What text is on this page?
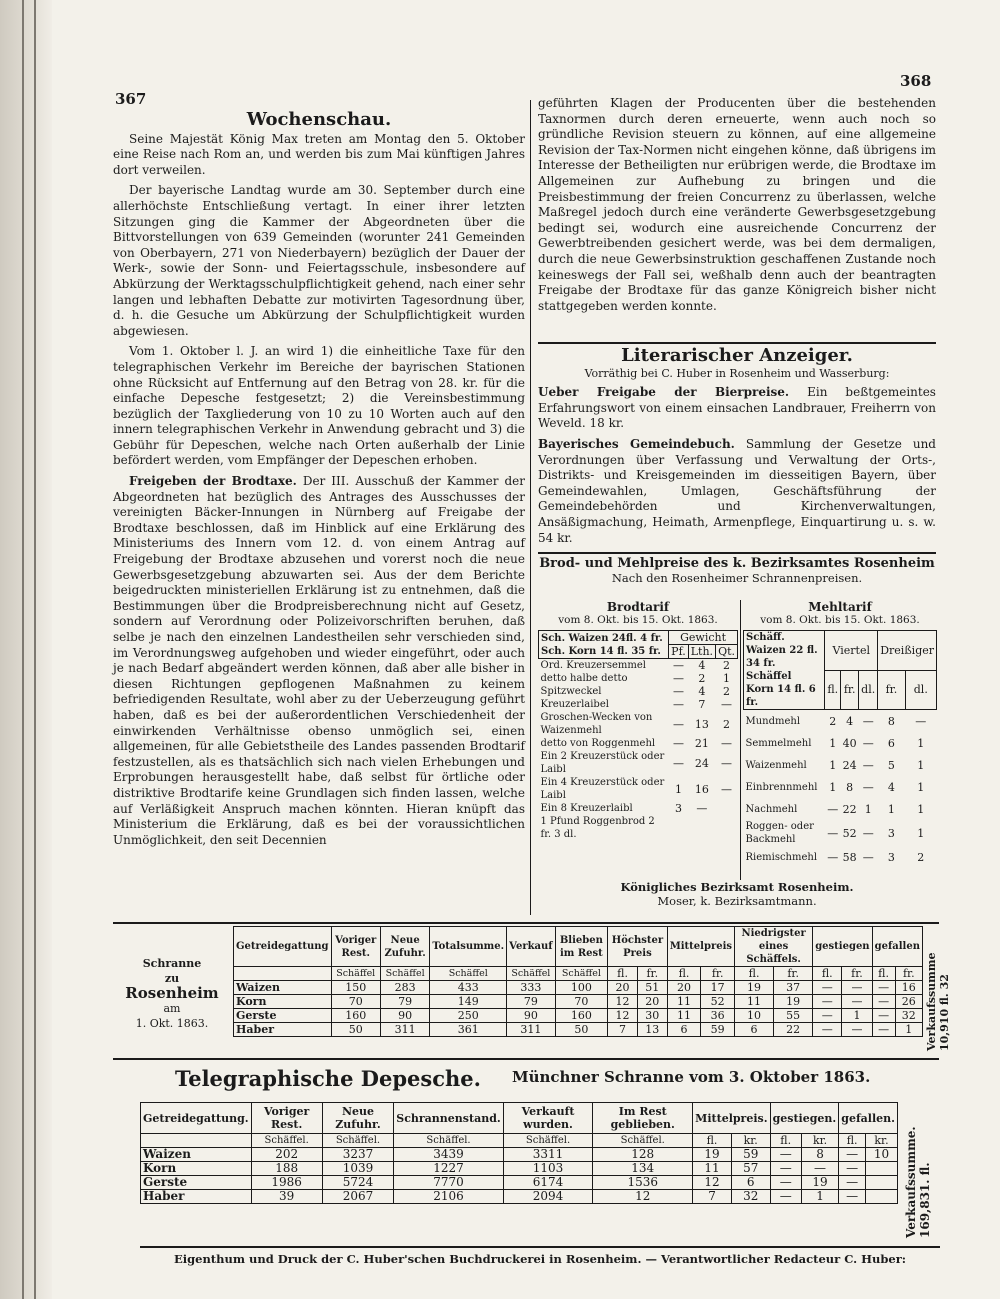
367
368
Wochenschau.

Seine Majestät König Max treten am Montag den 5. Oktober eine Reise nach Rom an, und werden bis zum Mai künftigen Jahres dort verweilen.

Der bayerische Landtag wurde am 30. September durch eine allerhöchste Entschließung vertagt. In einer ihrer letzten Sitzungen ging die Kammer der Abgeordneten über die Bittvorstellungen von 639 Gemeinden (worunter 241 Gemeinden von Oberbayern, 271 von Niederbayern) bezüglich der Dauer der Werk-, sowie der Sonn- und Feiertagsschule, insbesondere auf Abkürzung der Werktagsschulpflichtigkeit gehend, nach einer sehr langen und lebhaften Debatte zur motivirten Tagesordnung über, d. h. die Gesuche um Abkürzung der Schulpflichtigkeit wurden abgewiesen.

Vom 1. Oktober l. J. an wird 1) die einheitliche Taxe für den telegraphischen Verkehr im Bereiche der bayrischen Stationen ohne Rücksicht auf Entfernung auf den Betrag von 28. kr. für die einfache Depesche festgesetzt; 2) die Vereinsbestimmung bezüglich der Taxgliederung von 10 zu 10 Worten auch auf den innern telegraphischen Verkehr in Anwendung gebracht und 3) die Gebühr für Depeschen, welche nach Orten außerhalb der Linie befördert werden, vom Empfänger der Depeschen erhoben.

Freigeben der Brodtaxe. Der III. Ausschuß der Kammer der Abgeordneten hat bezüglich des Antrages des Ausschusses der vereinigten Bäcker-Innungen in Nürnberg auf Freigabe der Brodtaxe beschlossen, daß im Hinblick auf eine Erklärung des Ministeriums des Innern vom 12. d. von einem Antrag auf Freigebung der Brodtaxe abzusehen und vorerst noch die neue Gewerbsgesetzgebung abzuwarten sei. Aus der dem Berichte beigedruckten ministeriellen Erklärung ist zu entnehmen, daß die Bestimmungen über die Brodpreisberechnung nicht auf Gesetz, sondern auf Verordnung oder Polizeivorschriften beruhen, daß selbe je nach den einzelnen Landestheilen sehr verschieden sind, im Verordnungsweg aufgehoben und wieder eingeführt, oder auch je nach Bedarf abgeändert werden können, daß aber alle bisher in diesen Richtungen gepflogenen Maßnahmen zu keinem befriedigenden Resultate, wohl aber zu der Ueberzeugung geführt haben, daß es bei der außerordentlichen Verschiedenheit der einwirkenden Verhältnisse obenso unmöglich sei, einen allgemeinen, für alle Gebietstheile des Landes passenden Brodtarif festzustellen, als es thatsächlich sich nach vielen Erhebungen und Erprobungen herausgestellt habe, daß selbst für örtliche oder distriktive Brodtarife keine Grundlagen sich finden lassen, welche auf Verläßigkeit Anspruch machen könnten. Hieran knüpft das Ministerium die Erklärung, daß es bei der voraussichtlichen Unmöglichkeit, den seit Decennien

geführten Klagen der Producenten über die bestehenden Taxnormen durch deren erneuerte, wenn auch noch so gründliche Revision steuern zu können, auf eine allgemeine Revision der Tax-Normen nicht eingehen könne, daß übrigens im Interesse der Betheiligten nur erübrigen werde, die Brodtaxe im Allgemeinen zur Aufhebung zu bringen und die Preisbestimmung der freien Concurrenz zu überlassen, welche Maßregel jedoch durch eine veränderte Gewerbsgesetzgebung bedingt sei, wodurch eine ausreichende Concurrenz der Gewerbtreibenden gesichert werde, was bei dem dermaligen, durch die neue Gewerbsinstruktion geschaffenen Zustande noch keineswegs der Fall sei, weßhalb denn auch der beantragten Freigabe der Brodtaxe für das ganze Königreich bisher nicht stattgegeben werden konnte.

Literarischer Anzeiger.
Vorräthig bei C. Huber in Rosenheim und Wasserburg:

Ueber Freigabe der Bierpreise. Ein beßtgemeintes Erfahrungswort von einem einsachen Landbrauer, Freiherrn von Weveld. 18 kr.

Bayerisches Gemeindebuch. Sammlung der Gesetze und Verordnungen über Verfassung und Verwaltung der Orts-, Distrikts- und Kreisgemeinden im diesseitigen Bayern, über Gemeindewahlen, Umlagen, Geschäftsführung der Gemeindebehörden und Kirchenverwaltungen, Ansäßigmachung, Heimath, Armenpflege, Einquartirung u. s. w. 54 kr.

Brod- und Mehlpreise des k. Bezirksamtes Rosenheim
Nach den Rosenheimer Schrannenpreisen.
Brodtarif
vom 8. Okt. bis 15. Okt. 1863.
Sch. Waizen 24fl. 4 fr. Sch. Korn 14 fl. 35 fr.	Gewicht		
	Pf.	Lth.	Qt.
Ord. Kreuzersemmel	—	4	2
detto halbe detto	—	2	1
Spitzweckel	—	4	2
Kreuzerlaibel	—	7	—
Groschen-Wecken von Waizenmehl	—	13	2
detto von Roggenmehl	—	21	—
Ein 2 Kreuzerstück oder Laibl	—	24	—
Ein 4 Kreuzerstück oder Laibl	1	16	—
Ein 8 Kreuzerlaibl	3	—	
1 Pfund Roggenbrod 2 fr. 3 dl.			
Mehltarif
vom 8. Okt. bis 15. Okt. 1863.
Schäff. Waizen 22 fl. 34 fr. Schäffel Korn 14 fl. 6 fr.	Viertel			Dreißiger	
	fl.	fr.	dl.	fr.	dl.
Mundmehl	2	4	—	8	—
Semmelmehl	1	40	—	6	1
Waizenmehl	1	24	—	5	1
Einbrennmehl	1	8	—	4	1
Nachmehl	—	22	1	1	1
Roggen- oder Backmehl	—	52	—	3	1
Riemischmehl	—	58	—	3	2
Königliches Bezirksamt Rosenheim.
Moser, k. Bezirksamtmann.
Schranne
zu
Rosenheim
am
1. Okt. 1863.
Getreidegattung	Voriger Rest.	Neue Zufuhr.	Totalsumme.	Verkauf	Blieben im Rest	Höchster Preis		Mittelpreis		Niedrigster eines Schäffels.		gestiegen		gefallen	
	Schäffel	Schäffel	Schäffel	Schäffel	Schäffel	fl.	fr.	fl.	fr.	fl.	fr.	fl.	fr.	fl.	fr.
Waizen	150	283	433	333	100	20	51	20	17	19	37	—	—	—	16
Korn	70	79	149	79	70	12	20	11	52	11	19	—	—	—	26
Gerste	160	90	250	90	160	12	30	11	36	10	55	—	1	—	32
Haber	50	311	361	311	50	7	13	6	59	6	22	—	—	—	1 Verkaufssumme 10,910 fl. 32
Telegraphische Depesche. Münchner Schranne vom 3. Oktober 1863.
Getreidegattung.	Voriger Rest.	Neue Zufuhr.	Schrannenstand.	Verkauft wurden.	Im Rest geblieben.	Mittelpreis.		gestiegen.		gefallen.	
	Schäffel.	Schäffel.	Schäffel.	Schäffel.	Schäffel.	fl.	kr.	fl.	kr.	fl.	kr.
Waizen	202	3237	3439	3311	128	19	59	—	8	—	10
Korn	188	1039	1227	1103	134	11	57	—	—	—	
Gerste	1986	5724	7770	6174	1536	12	6	—	19	—	
Haber	39	2067	2106	2094	12	7	32	—	1	—		Verkaufssumme. 169,831. fl.
Eigenthum und Druck der C. Huber'schen Buchdruckerei in Rosenheim. — Verantwortlicher Redacteur C. Huber:
